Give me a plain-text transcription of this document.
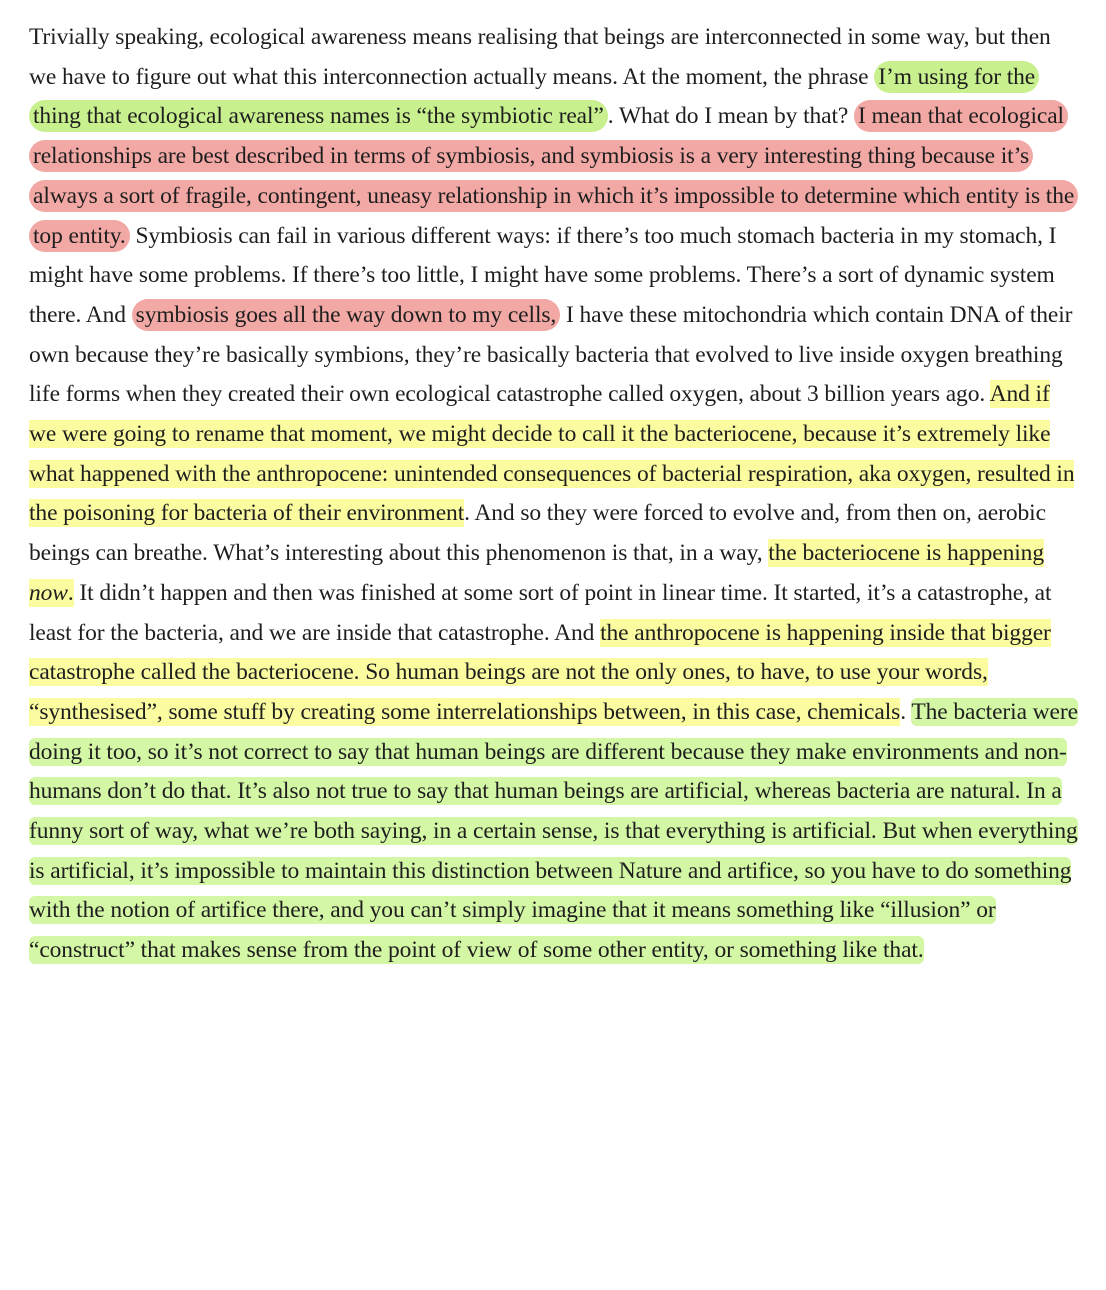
Trivially speaking, ecological awareness means realising that beings are interconnected in some way, but then we have to figure out what this interconnection actually means. At the moment, the phrase I’m using for the thing that ecological awareness names is “the symbiotic real” . What do I mean by that? I mean that ecological relationships are best described in terms of symbiosis, and symbiosis is a very interesting thing because it’s always a sort of fragile, contingent, uneasy relationship in which it’s impossible to determine which entity is the top entity. Symbiosis can fail in various different ways: if there’s too much stomach bacteria in my stomach, I might have some problems. If there’s too little, I might have some problems. There’s a sort of dynamic system there. And symbiosis goes all the way down to my cells, I have these mitochondria which contain DNA of their own because they’re basically symbions, they’re basically bacteria that evolved to live inside oxygen breathing life forms when they created their own ecological catastrophe called oxygen, about 3 billion years ago. And if we were going to rename that moment, we might decide to call it the bacteriocene, because it’s extremely like what happened with the anthropocene: unintended consequences of bacterial respiration, aka oxygen, resulted in the poisoning for bacteria of their environment. And so they were forced to evolve and, from then on, aerobic beings can breathe. What’s interesting about this phenomenon is that, in a way, the bacteriocene is happening now. It didn’t happen and then was finished at some sort of point in linear time. It started, it’s a catastrophe, at least for the bacteria, and we are inside that catastrophe. And the anthropocene is happening inside that bigger catastrophe called the bacteriocene. So human beings are not the only ones, to have, to use your words, “synthesised”, some stuff by creating some interrelationships between, in this case, chemicals. The bacteria were doing it too, so it’s not correct to say that human beings are different because they make environments and non-humans don’t do that. It’s also not true to say that human beings are artificial, whereas bacteria are natural. In a funny sort of way, what we’re both saying, in a certain sense, is that everything is artificial. But when everything is artificial, it’s impossible to maintain this distinction between Nature and artifice, so you have to do something with the notion of artifice there, and you can’t simply imagine that it means something like “illusion” or “construct” that makes sense from the point of view of some other entity, or something like that.
